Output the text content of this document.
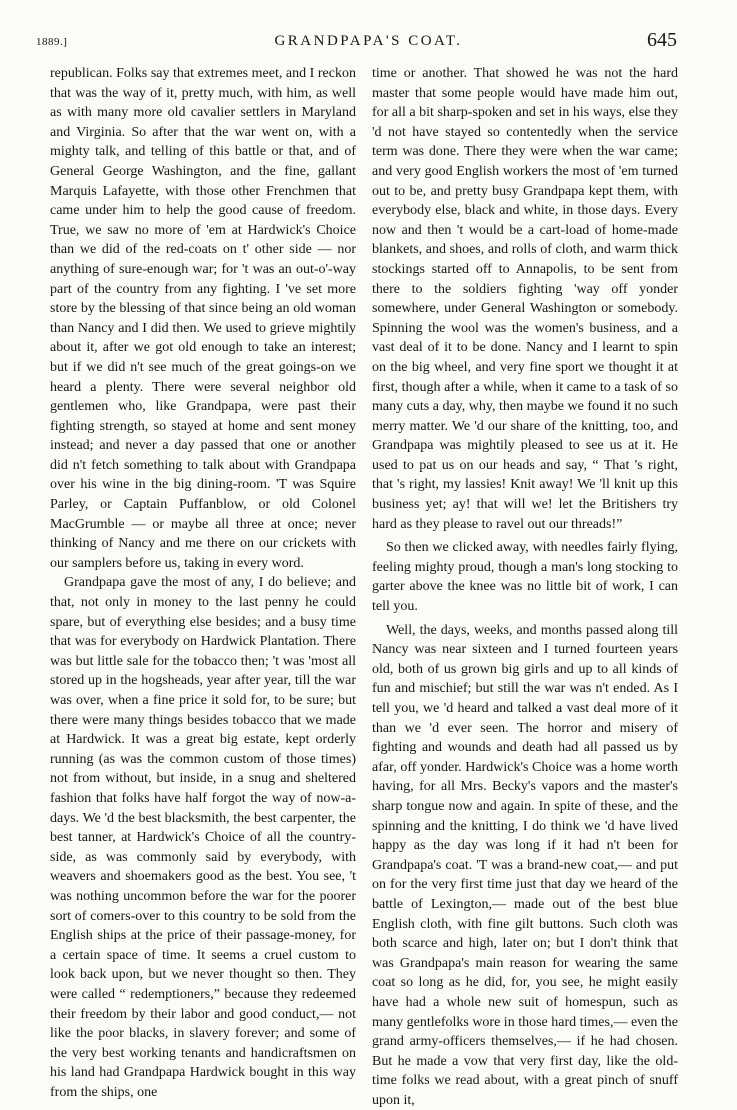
1889.]	GRANDPAPA'S COAT.	645

republican. Folks say that extremes meet, and I reckon that was the way of it, pretty much, with him, as well as with many more old cavalier settlers in Maryland and Virginia. So after that the war went on, with a mighty talk, and telling of this battle or that, and of General George Washington, and the fine, gallant Marquis Lafayette, with those other Frenchmen that came under him to help the good cause of freedom. True, we saw no more of 'em at Hardwick's Choice than we did of the red-coats on t' other side — nor anything of sure-enough war; for 't was an out-o'-way part of the country from any fighting. I 've set more store by the blessing of that since being an old woman than Nancy and I did then. We used to grieve mightily about it, after we got old enough to take an interest; but if we did n't see much of the great goings-on we heard a plenty. There were several neighbor old gentlemen who, like Grandpapa, were past their fighting strength, so stayed at home and sent money instead; and never a day passed that one or another did n't fetch something to talk about with Grandpapa over his wine in the big dining-room. 'T was Squire Parley, or Captain Puffanblow, or old Colonel MacGrumble — or maybe all three at once; never thinking of Nancy and me there on our crickets with our samplers before us, taking in every word.

Grandpapa gave the most of any, I do believe; and that, not only in money to the last penny he could spare, but of everything else besides; and a busy time that was for everybody on Hardwick Plantation. There was but little sale for the tobacco then; 't was 'most all stored up in the hogsheads, year after year, till the war was over, when a fine price it sold for, to be sure; but there were many things besides tobacco that we made at Hardwick. It was a great big estate, kept orderly running (as was the common custom of those times) not from without, but inside, in a snug and sheltered fashion that folks have half forgot the way of now-a-days. We 'd the best blacksmith, the best carpenter, the best tanner, at Hardwick's Choice of all the country-side, as was commonly said by everybody, with weavers and shoemakers good as the best. You see, 't was nothing uncommon before the war for the poorer sort of comers-over to this country to be sold from the English ships at the price of their passage-money, for a certain space of time. It seems a cruel custom to look back upon, but we never thought so then. They were called “ redemptioners,” because they redeemed their freedom by their labor and good conduct,— not like the poor blacks, in slavery forever; and some of the very best working tenants and handicraftsmen on his land had Grandpapa Hardwick bought in this way from the ships, one

time or another. That showed he was not the hard master that some people would have made him out, for all a bit sharp-spoken and set in his ways, else they 'd not have stayed so contentedly when the service term was done. There they were when the war came; and very good English workers the most of 'em turned out to be, and pretty busy Grandpapa kept them, with everybody else, black and white, in those days. Every now and then 't would be a cart-load of home-made blankets, and shoes, and rolls of cloth, and warm thick stockings started off to Annapolis, to be sent from there to the soldiers fighting 'way off yonder somewhere, under General Washington or somebody. Spinning the wool was the women's business, and a vast deal of it to be done. Nancy and I learnt to spin on the big wheel, and very fine sport we thought it at first, though after a while, when it came to a task of so many cuts a day, why, then maybe we found it no such merry matter. We 'd our share of the knitting, too, and Grandpapa was mightily pleased to see us at it. He used to pat us on our heads and say, “ That 's right, that 's right, my lassies! Knit away! We 'll knit up this business yet; ay! that will we! let the Britishers try hard as they please to ravel out our threads!”

So then we clicked away, with needles fairly flying, feeling mighty proud, though a man's long stocking to garter above the knee was no little bit of work, I can tell you.

Well, the days, weeks, and months passed along till Nancy was near sixteen and I turned fourteen years old, both of us grown big girls and up to all kinds of fun and mischief; but still the war was n't ended. As I tell you, we 'd heard and talked a vast deal more of it than we 'd ever seen. The horror and misery of fighting and wounds and death had all passed us by afar, off yonder. Hardwick's Choice was a home worth having, for all Mrs. Becky's vapors and the master's sharp tongue now and again. In spite of these, and the spinning and the knitting, I do think we 'd have lived happy as the day was long if it had n't been for Grandpapa's coat. 'T was a brand-new coat,— and put on for the very first time just that day we heard of the battle of Lexington,— made out of the best blue English cloth, with fine gilt buttons. Such cloth was both scarce and high, later on; but I don't think that was Grandpapa's main reason for wearing the same coat so long as he did, for, you see, he might easily have had a whole new suit of homespun, such as many gentlefolks wore in those hard times,— even the grand army-officers themselves,— if he had chosen. But he made a vow that very first day, like the old-time folks we read about, with a great pinch of snuff upon it,
